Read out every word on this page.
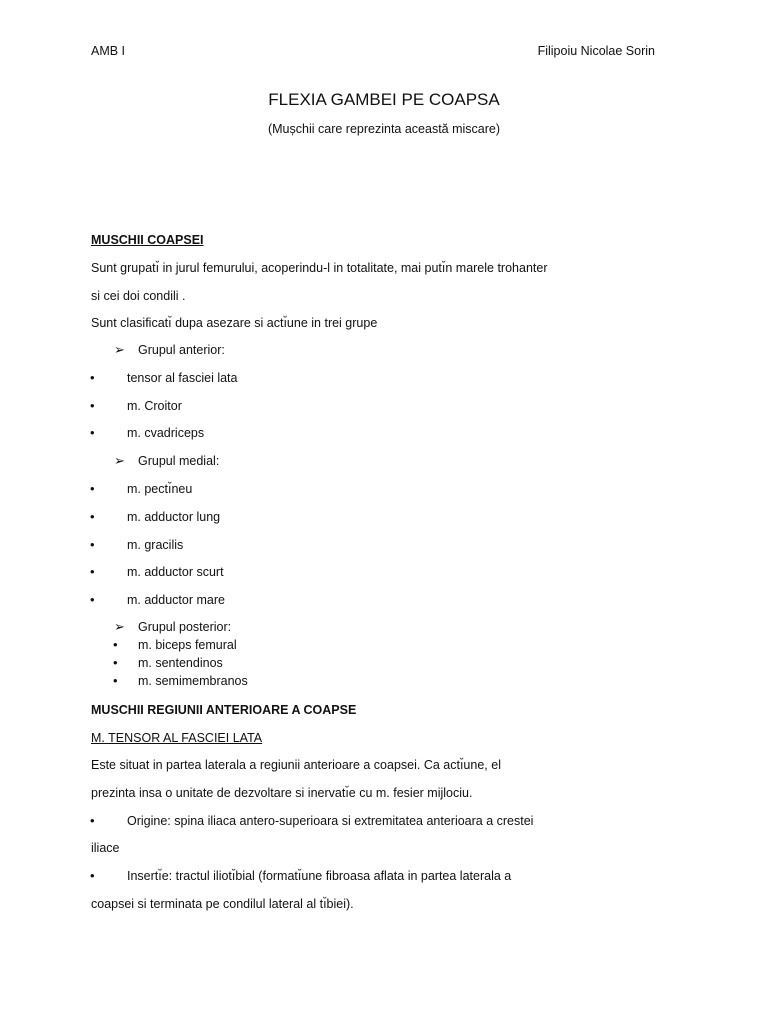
AMB I	Filipoiu Nicolae Sorin
FLEXIA GAMBEI PE COAPSA
(Mușchii care reprezinta această miscare)
MUSCHII COAPSEI
Sunt grupatı̆ in jurul femurului, acoperindu-l in totalitate, mai putı̆n marele trohanter
si cei doi condili .
Sunt clasificatı̆ dupa asezare si actı̆une in trei grupe
➢ Grupul anterior:
•	tensor al fasciei lata
•	m. Croitor
•	m. cvadriceps
➢ Grupul medial:
•	m. pectı̆neu
•	m. adductor lung
•	m. gracilis
•	m. adductor scurt
•	m. adductor mare
➢ Grupul posterior:
• m. biceps femural
• m. sentendinos
• m. semimembranos
MUSCHII REGIUNII ANTERIOARE A COAPSE
M. TENSOR AL FASCIEI LATA
Este situat in partea laterala a regiunii anterioare a coapsei. Ca actı̆une, el
prezinta insa o unitate de dezvoltare si inervatı̆e cu m. fesier mijlociu.
•	Origine: spina iliaca antero-superioara si extremitatea anterioara a crestei
iliace
•	Insertı̆e: tractul iliotı̆bial (formatı̆une fibroasa aflata in partea laterala a
coapsei si terminata pe condilul lateral al tı̆biei).
